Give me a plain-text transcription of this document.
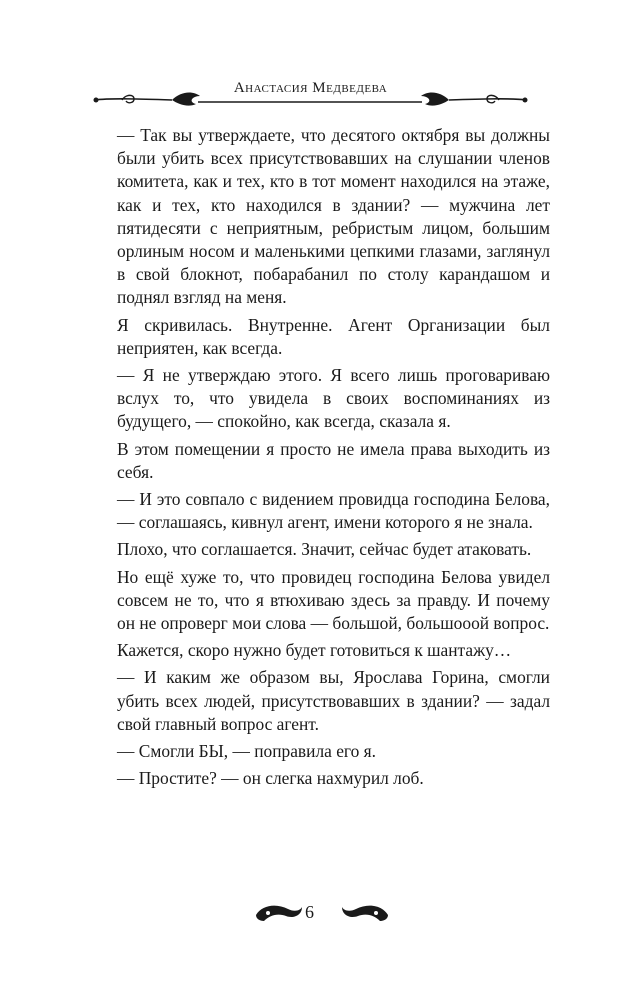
Анастасия Медведева

— Так вы утверждаете, что десятого октября вы должны были убить всех присутствовавших на слушании членов комитета, как и тех, кто в тот момент находился на этаже, как и тех, кто находился в здании? — мужчина лет пятидесяти с неприятным, ребристым лицом, большим орлиным носом и маленькими цепкими глазами, заглянул в свой блокнот, побарабанил по столу карандашом и поднял взгляд на меня.

Я скривилась. Внутренне. Агент Организации был неприятен, как всегда.

— Я не утверждаю этого. Я всего лишь проговариваю вслух то, что увидела в своих воспоминаниях из будущего, — спокойно, как всегда, сказала я.

В этом помещении я просто не имела права выходить из себя.

— И это совпало с видением провидца господина Белова, — соглашаясь, кивнул агент, имени которого я не знала.

Плохо, что соглашается. Значит, сейчас будет атаковать.

Но ещё хуже то, что провидец господина Белова увидел совсем не то, что я втюхиваю здесь за правду. И почему он не опроверг мои слова — большой, большооой вопрос.

Кажется, скоро нужно будет готовиться к шантажу…

— И каким же образом вы, Ярослава Горина, смогли убить всех людей, присутствовавших в здании? — задал свой главный вопрос агент.

— Смогли БЫ, — поправила его я.

— Простите? — он слегка нахмурил лоб.

6
